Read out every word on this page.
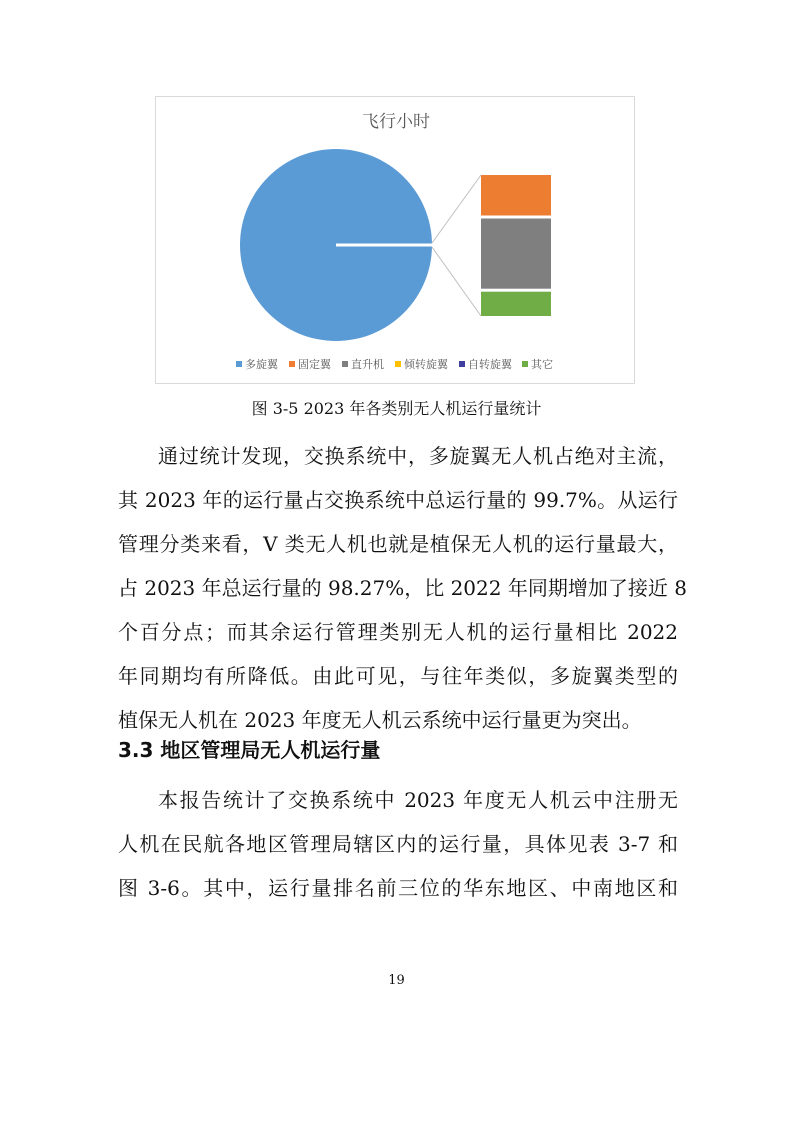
飞行小时
多旋翼 固定翼 直升机 倾转旋翼 自转旋翼 其它
图 3-5 2023 年各类别无人机运行量统计
通过统计发现，交换系统中，多旋翼无人机占绝对主流，
其 2023 年的运行量占交换系统中总运行量的 99.7%。从运行
管理分类来看，V 类无人机也就是植保无人机的运行量最大，
占 2023 年总运行量的 98.27%，比 2022 年同期增加了接近 8
个百分点；而其余运行管理类别无人机的运行量相比 2022
年同期均有所降低。由此可见，与往年类似，多旋翼类型的
植保无人机在 2023 年度无人机云系统中运行量更为突出。
3.3 地区管理局无人机运行量
本报告统计了交换系统中 2023 年度无人机云中注册无
人机在民航各地区管理局辖区内的运行量，具体见表 3-7 和
图 3-6。其中，运行量排名前三位的华东地区、中南地区和
19
